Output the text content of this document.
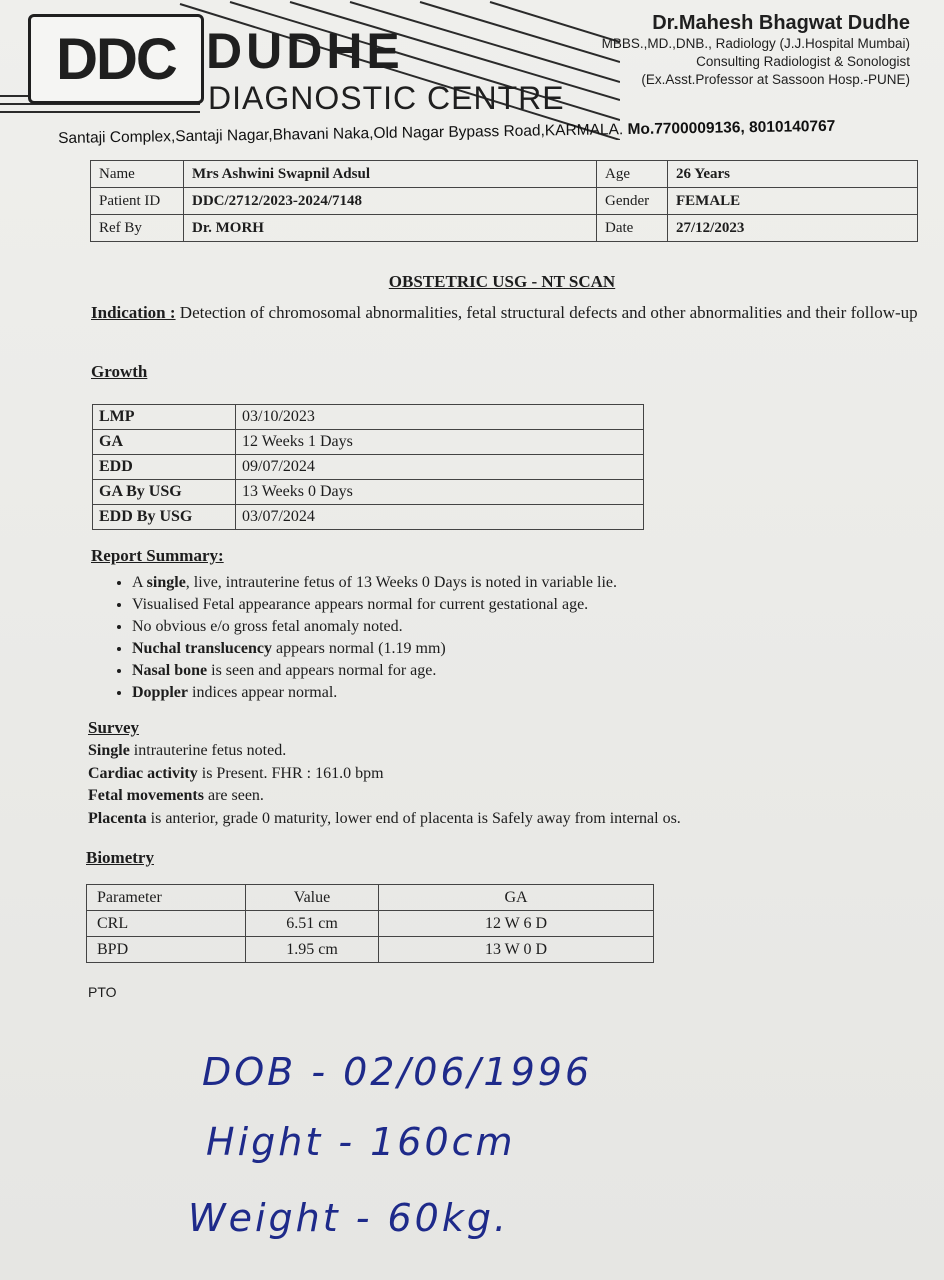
DDC DUDHE
DIAGNOSTIC CENTRE
Dr.Mahesh Bhagwat Dudhe
MBBS.,MD.,DNB., Radiology (J.J.Hospital Mumbai)
Consulting Radiologist & Sonologist
(Ex.Asst.Professor at Sassoon Hosp.-PUNE)
Santaji Complex,Santaji Nagar,Bhavani Naka,Old Nagar Bypass Road,KARMALA. Mo.7700009136, 8010140767
Name	Mrs Ashwini Swapnil Adsul	Age	26 Years
Patient ID	DDC/2712/2023-2024/7148	Gender	FEMALE
Ref By	Dr. MORH	Date	27/12/2023
OBSTETRIC USG - NT SCAN
Indication : Detection of chromosomal abnormalities, fetal structural defects and other abnormalities and their follow-up
Growth
LMP	03/10/2023
GA	12 Weeks 1 Days
EDD	09/07/2024
GA By USG	13 Weeks 0 Days
EDD By USG	03/07/2024
Report Summary:
• A single, live, intrauterine fetus of 13 Weeks 0 Days is noted in variable lie.
• Visualised Fetal appearance appears normal for current gestational age.
• No obvious e/o gross fetal anomaly noted.
• Nuchal translucency appears normal (1.19 mm)
• Nasal bone is seen and appears normal for age.
• Doppler indices appear normal.
Survey
Single intrauterine fetus noted.
Cardiac activity is Present. FHR : 161.0 bpm
Fetal movements are seen.
Placenta is anterior, grade 0 maturity, lower end of placenta is Safely away from internal os.
Biometry
Parameter	Value	GA
CRL	6.51 cm	12 W 6 D
BPD	1.95 cm	13 W 0 D
PTO
DOB - 02/06/1996
Hight - 160cm
Weight - 60kg.
